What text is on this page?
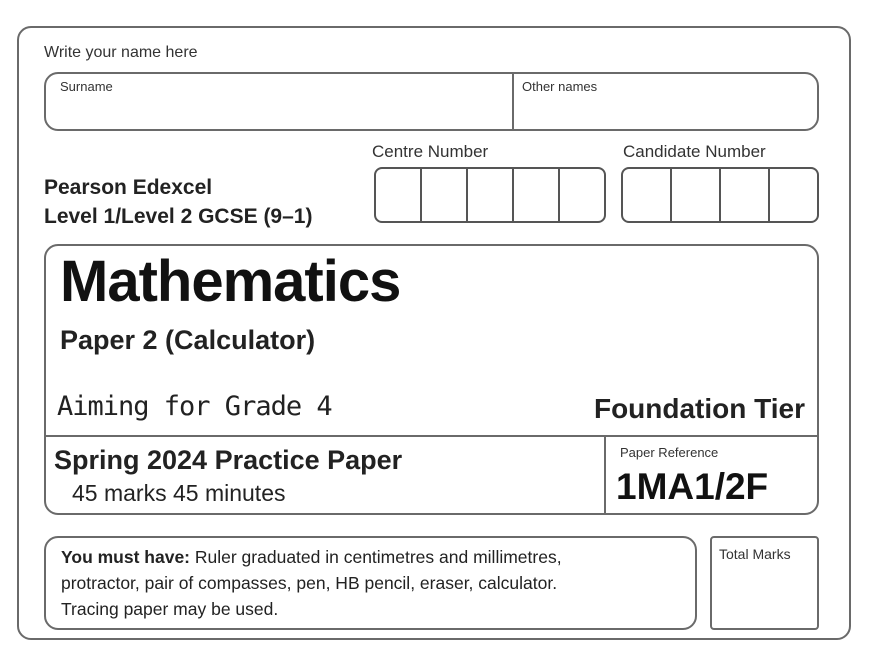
Write your name here
Surname	Other names
Centre Number	Candidate Number
Pearson Edexcel
Level 1/Level 2 GCSE (9–1)
Mathematics
Paper 2 (Calculator)
Aiming for Grade 4	Foundation Tier
Spring 2024 Practice Paper
45 marks 45 minutes
Paper Reference
1MA1/2F
You must have: Ruler graduated in centimetres and millimetres,
protractor, pair of compasses, pen, HB pencil, eraser, calculator.
Tracing paper may be used.
Total Marks
